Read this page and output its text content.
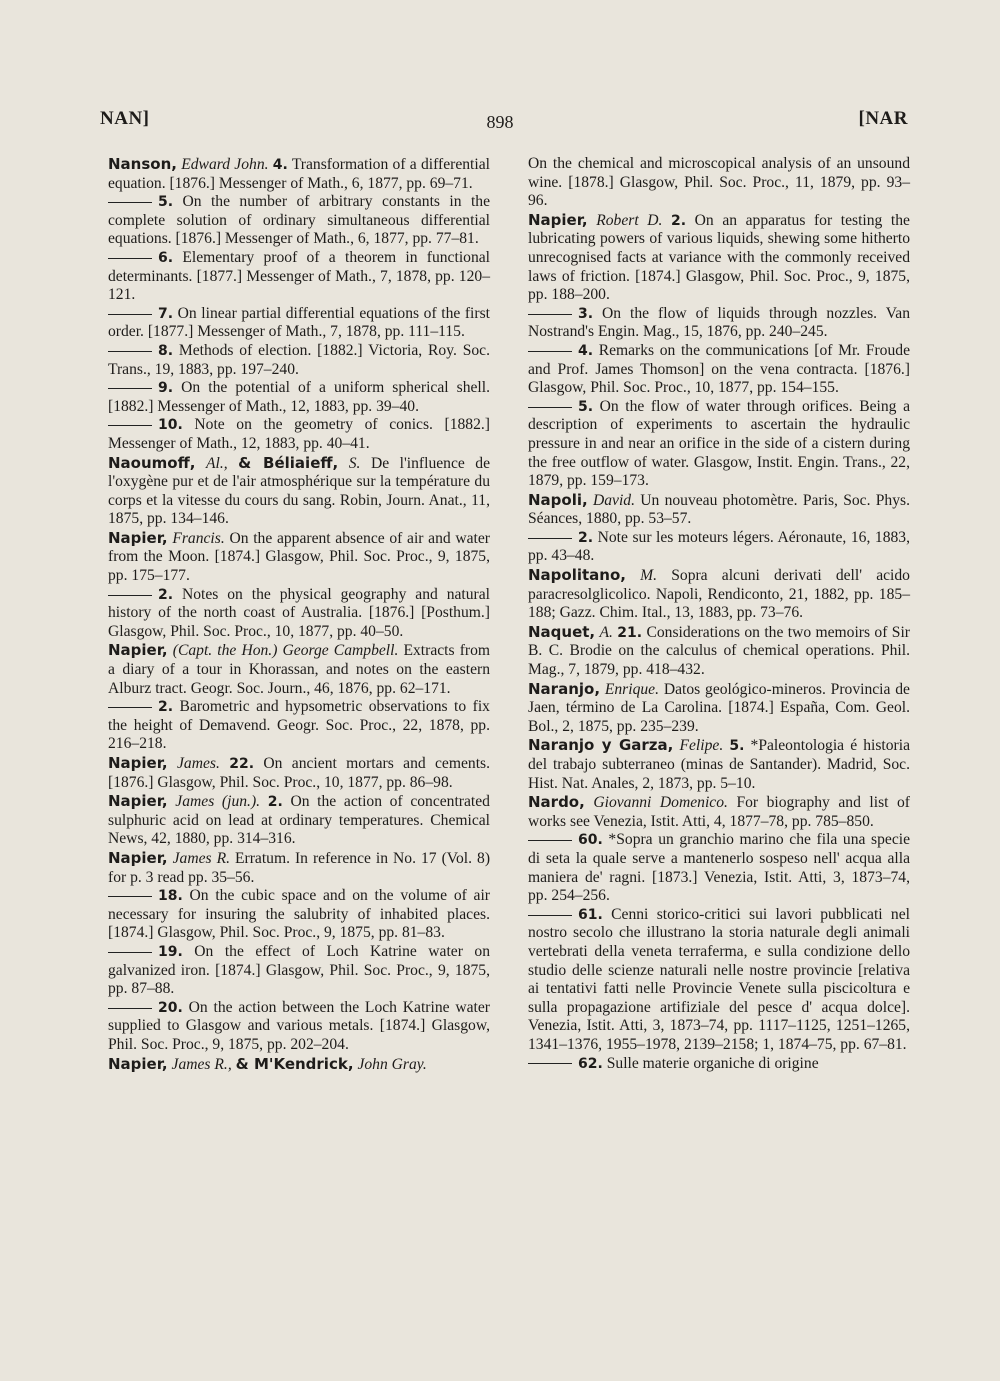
NAN]	898	[NAR

Nanson, Edward John. 4. Transformation of a differential equation. [1876.] Messenger of Math., 6, 1877, pp. 69–71.

5. On the number of arbitrary constants in the complete solution of ordinary simultaneous differential equations. [1876.] Messenger of Math., 6, 1877, pp. 77–81.

6. Elementary proof of a theorem in functional determinants. [1877.] Messenger of Math., 7, 1878, pp. 120–121.

7. On linear partial differential equations of the first order. [1877.] Messenger of Math., 7, 1878, pp. 111–115.

8. Methods of election. [1882.] Victoria, Roy. Soc. Trans., 19, 1883, pp. 197–240.

9. On the potential of a uniform spherical shell. [1882.] Messenger of Math., 12, 1883, pp. 39–40.

10. Note on the geometry of conics. [1882.] Messenger of Math., 12, 1883, pp. 40–41.

Naoumoff, Al., & Béliaieff, S. De l'influence de l'oxygène pur et de l'air atmosphérique sur la température du corps et la vitesse du cours du sang. Robin, Journ. Anat., 11, 1875, pp. 134–146.

Napier, Francis. On the apparent absence of air and water from the Moon. [1874.] Glasgow, Phil. Soc. Proc., 9, 1875, pp. 175–177.

2. Notes on the physical geography and natural history of the north coast of Australia. [1876.] [Posthum.] Glasgow, Phil. Soc. Proc., 10, 1877, pp. 40–50.

Napier, (Capt. the Hon.) George Campbell. Extracts from a diary of a tour in Khorassan, and notes on the eastern Alburz tract. Geogr. Soc. Journ., 46, 1876, pp. 62–171.

2. Barometric and hypsometric observations to fix the height of Demavend. Geogr. Soc. Proc., 22, 1878, pp. 216–218.

Napier, James. 22. On ancient mortars and cements. [1876.] Glasgow, Phil. Soc. Proc., 10, 1877, pp. 86–98.

Napier, James (jun.). 2. On the action of concentrated sulphuric acid on lead at ordinary temperatures. Chemical News, 42, 1880, pp. 314–316.

Napier, James R. Erratum. In reference in No. 17 (Vol. 8) for p. 3 read pp. 35–56.

18. On the cubic space and on the volume of air necessary for insuring the salubrity of inhabited places. [1874.] Glasgow, Phil. Soc. Proc., 9, 1875, pp. 81–83.

19. On the effect of Loch Katrine water on galvanized iron. [1874.] Glasgow, Phil. Soc. Proc., 9, 1875, pp. 87–88.

20. On the action between the Loch Katrine water supplied to Glasgow and various metals. [1874.] Glasgow, Phil. Soc. Proc., 9, 1875, pp. 202–204.

Napier, James R., & M'Kendrick, John Gray.

On the chemical and microscopical analysis of an unsound wine. [1878.] Glasgow, Phil. Soc. Proc., 11, 1879, pp. 93–96.

Napier, Robert D. 2. On an apparatus for testing the lubricating powers of various liquids, shewing some hitherto unrecognised facts at variance with the commonly received laws of friction. [1874.] Glasgow, Phil. Soc. Proc., 9, 1875, pp. 188–200.

3. On the flow of liquids through nozzles. Van Nostrand's Engin. Mag., 15, 1876, pp. 240–245.

4. Remarks on the communications [of Mr. Froude and Prof. James Thomson] on the vena contracta. [1876.] Glasgow, Phil. Soc. Proc., 10, 1877, pp. 154–155.

5. On the flow of water through orifices. Being a description of experiments to ascertain the hydraulic pressure in and near an orifice in the side of a cistern during the free outflow of water. Glasgow, Instit. Engin. Trans., 22, 1879, pp. 159–173.

Napoli, David. Un nouveau photomètre. Paris, Soc. Phys. Séances, 1880, pp. 53–57.

2. Note sur les moteurs légers. Aéronaute, 16, 1883, pp. 43–48.

Napolitano, M. Sopra alcuni derivati dell' acido paracresolglicolico. Napoli, Rendiconto, 21, 1882, pp. 185–188; Gazz. Chim. Ital., 13, 1883, pp. 73–76.

Naquet, A. 21. Considerations on the two memoirs of Sir B. C. Brodie on the calculus of chemical operations. Phil. Mag., 7, 1879, pp. 418–432.

Naranjo, Enrique. Datos geológico-mineros. Provincia de Jaen, término de La Carolina. [1874.] España, Com. Geol. Bol., 2, 1875, pp. 235–239.

Naranjo y Garza, Felipe. 5. *Paleontologia é historia del trabajo subterraneo (minas de Santander). Madrid, Soc. Hist. Nat. Anales, 2, 1873, pp. 5–10.

Nardo, Giovanni Domenico. For biography and list of works see Venezia, Istit. Atti, 4, 1877–78, pp. 785–850.

60. *Sopra un granchio marino che fila una specie di seta la quale serve a mantenerlo sospeso nell' acqua alla maniera de' ragni. [1873.] Venezia, Istit. Atti, 3, 1873–74, pp. 254–256.

61. Cenni storico-critici sui lavori pubblicati nel nostro secolo che illustrano la storia naturale degli animali vertebrati della veneta terraferma, e sulla condizione dello studio delle scienze naturali nelle nostre provincie [relativa ai tentativi fatti nelle Provincie Venete sulla piscicoltura e sulla propagazione artifiziale del pesce d' acqua dolce]. Venezia, Istit. Atti, 3, 1873–74, pp. 1117–1125, 1251–1265, 1341–1376, 1955–1978, 2139–2158; 1, 1874–75, pp. 67–81.

62. Sulle materie organiche di origine
